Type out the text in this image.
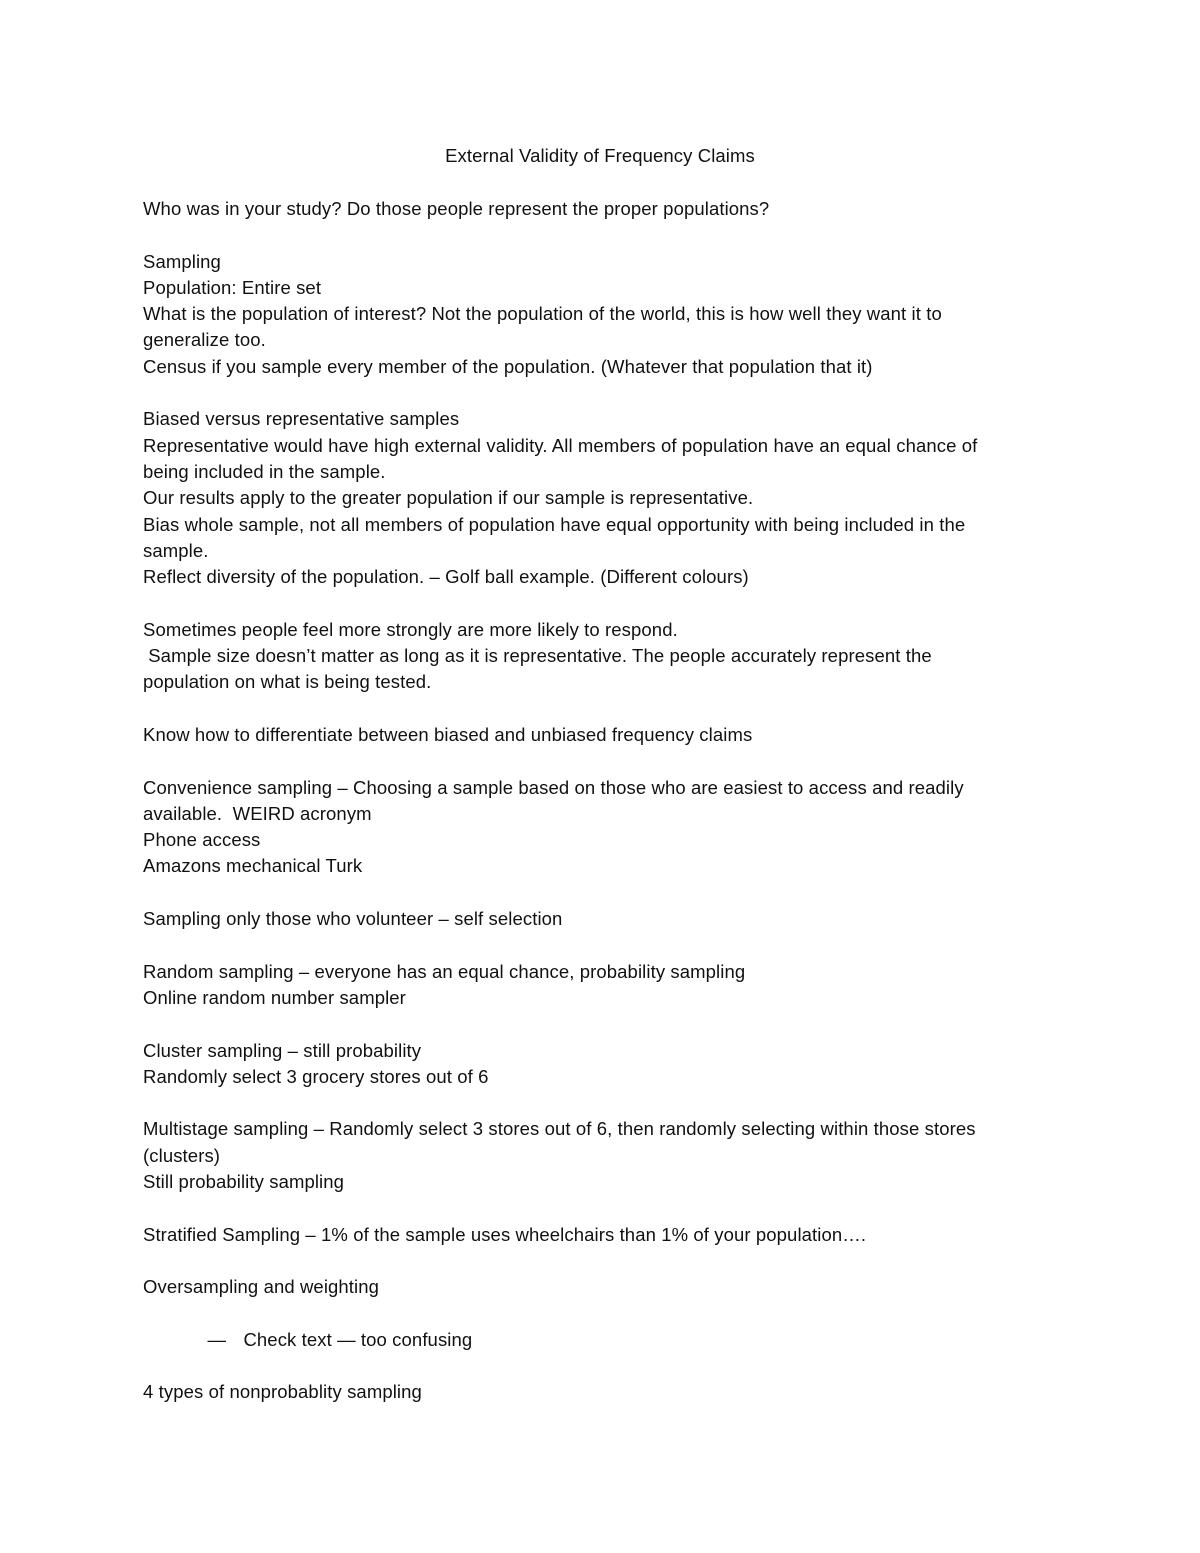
External Validity of Frequency Claims
Who was in your study? Do those people represent the proper populations?
Sampling
Population: Entire set
What is the population of interest? Not the population of the world, this is how well they want it to
generalize too.
Census if you sample every member of the population. (Whatever that population that it)
Biased versus representative samples
Representative would have high external validity. All members of population have an equal chance of
being included in the sample.
Our results apply to the greater population if our sample is representative.
Bias whole sample, not all members of population have equal opportunity with being included in the
sample.
Reflect diversity of the population. – Golf ball example. (Different colours)
Sometimes people feel more strongly are more likely to respond.
Sample size doesn’t matter as long as it is representative. The people accurately represent the
population on what is being tested.
Know how to differentiate between biased and unbiased frequency claims
Convenience sampling – Choosing a sample based on those who are easiest to access and readily
available.  WEIRD acronym
Phone access
Amazons mechanical Turk
Sampling only those who volunteer – self selection
Random sampling – everyone has an equal chance, probability sampling
Online random number sampler
Cluster sampling – still probability
Randomly select 3 grocery stores out of 6
Multistage sampling – Randomly select 3 stores out of 6, then randomly selecting within those stores
(clusters)
Still probability sampling
Stratified Sampling – 1% of the sample uses wheelchairs than 1% of your population….
Oversampling and weighting

— Check text — too confusing

4 types of nonprobablity sampling
